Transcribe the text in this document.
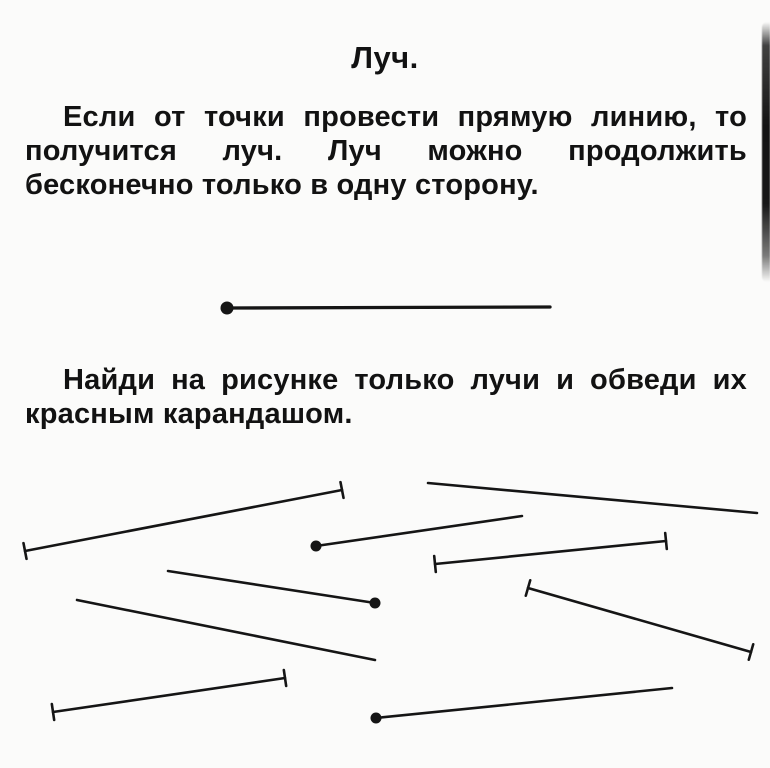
Луч.
Если от точки провести прямую линию, то
получится луч. Луч можно продолжить
бесконечно только в одну сторону.
Найди на рисунке только лучи и обведи их
красным карандашом.
